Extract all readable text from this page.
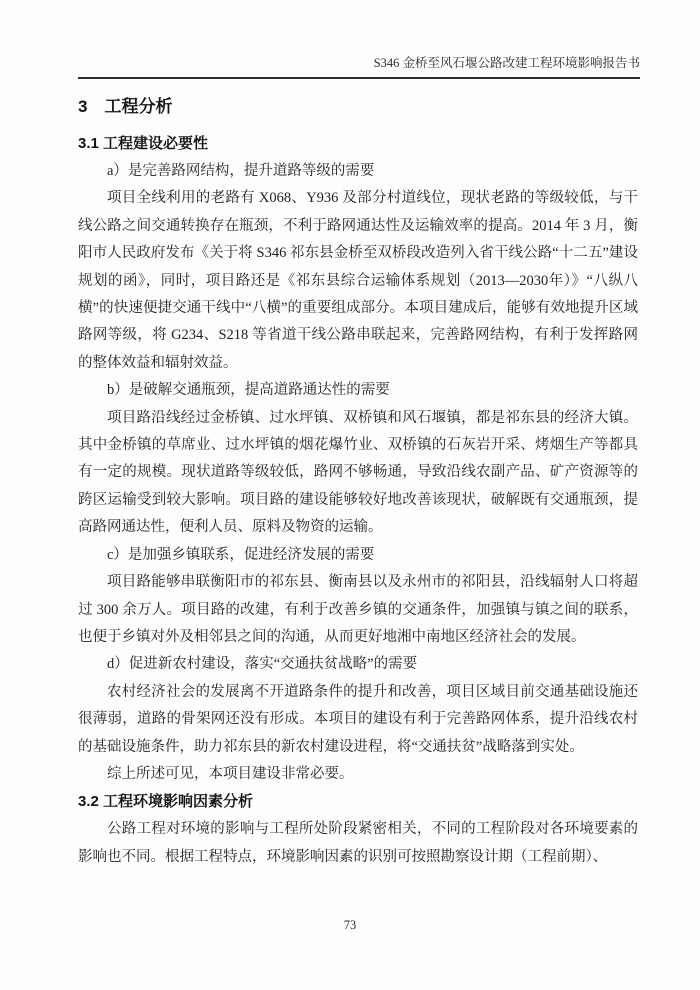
S346 金桥至风石堰公路改建工程环境影响报告书
3　工程分析
3.1 工程建设必要性
a）是完善路网结构，提升道路等级的需要
项目全线利用的老路有 X068、Y936 及部分村道线位，现状老路的等级较低，与干线公路之间交通转换存在瓶颈，不利于路网通达性及运输效率的提高。2014 年 3 月，衡阳市人民政府发布《关于将 S346 祁东县金桥至双桥段改造列入省干线公路“十二五”建设规划的函》，同时，项目路还是《祁东县综合运输体系规划（2013—2030年）》“八纵八横”的快速便捷交通干线中“八横”的重要组成部分。本项目建成后，能够有效地提升区域路网等级，将 G234、S218 等省道干线公路串联起来，完善路网结构，有利于发挥路网的整体效益和辐射效益。
b）是破解交通瓶颈，提高道路通达性的需要
项目路沿线经过金桥镇、过水坪镇、双桥镇和风石堰镇，都是祁东县的经济大镇。其中金桥镇的草席业、过水坪镇的烟花爆竹业、双桥镇的石灰岩开采、烤烟生产等都具有一定的规模。现状道路等级较低，路网不够畅通，导致沿线农副产品、矿产资源等的跨区运输受到较大影响。项目路的建设能够较好地改善该现状，破解既有交通瓶颈，提高路网通达性，便利人员、原料及物资的运输。
c）是加强乡镇联系，促进经济发展的需要
项目路能够串联衡阳市的祁东县、衡南县以及永州市的祁阳县，沿线辐射人口将超过 300 余万人。项目路的改建，有利于改善乡镇的交通条件，加强镇与镇之间的联系，也便于乡镇对外及相邻县之间的沟通，从而更好地湘中南地区经济社会的发展。
d）促进新农村建设，落实“交通扶贫战略”的需要
农村经济社会的发展离不开道路条件的提升和改善，项目区域目前交通基础设施还很薄弱，道路的骨架网还没有形成。本项目的建设有利于完善路网体系，提升沿线农村的基础设施条件，助力祁东县的新农村建设进程，将“交通扶贫”战略落到实处。
综上所述可见，本项目建设非常必要。
3.2 工程环境影响因素分析
公路工程对环境的影响与工程所处阶段紧密相关，不同的工程阶段对各环境要素的影响也不同。根据工程特点，环境影响因素的识别可按照勘察设计期（工程前期）、
73
